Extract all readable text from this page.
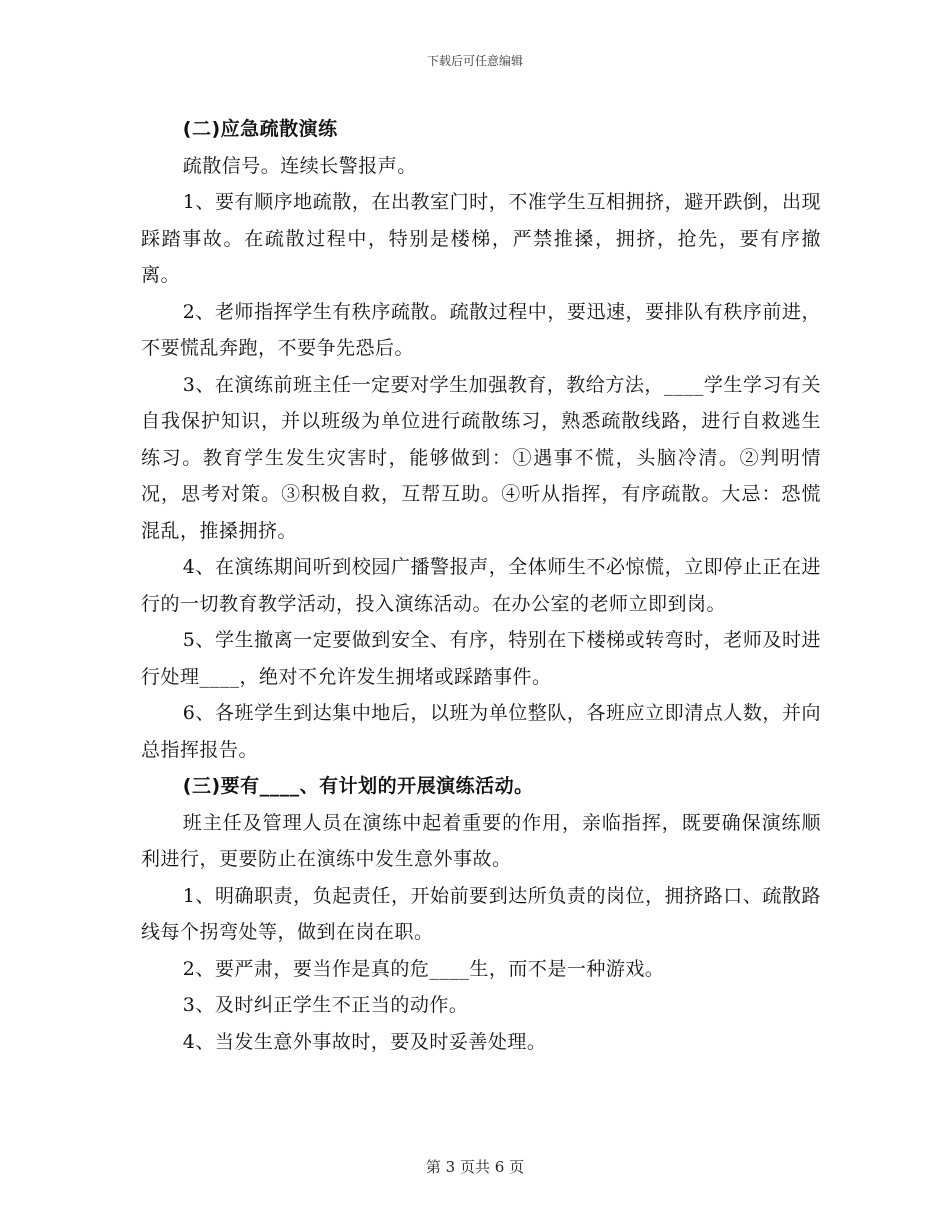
下载后可任意编辑

(二)应急疏散演练

疏散信号。连续长警报声。

1、要有顺序地疏散，在出教室门时，不准学生互相拥挤，避开跌倒，出现踩踏事故。在疏散过程中，特别是楼梯，严禁推搡，拥挤，抢先，要有序撤离。

2、老师指挥学生有秩序疏散。疏散过程中，要迅速，要排队有秩序前进，不要慌乱奔跑，不要争先恐后。

3、在演练前班主任一定要对学生加强教育，教给方法，____学生学习有关自我保护知识，并以班级为单位进行疏散练习，熟悉疏散线路，进行自救逃生练习。教育学生发生灾害时，能够做到：①遇事不慌，头脑冷清。②判明情况，思考对策。③积极自救，互帮互助。④听从指挥，有序疏散。大忌：恐慌混乱，推搡拥挤。

4、在演练期间听到校园广播警报声，全体师生不必惊慌，立即停止正在进行的一切教育教学活动，投入演练活动。在办公室的老师立即到岗。

5、学生撤离一定要做到安全、有序，特别在下楼梯或转弯时，老师及时进行处理____，绝对不允许发生拥堵或踩踏事件。

6、各班学生到达集中地后，以班为单位整队，各班应立即清点人数，并向总指挥报告。

(三)要有____、有计划的开展演练活动。

班主任及管理人员在演练中起着重要的作用，亲临指挥，既要确保演练顺利进行，更要防止在演练中发生意外事故。

1、明确职责，负起责任，开始前要到达所负责的岗位，拥挤路口、疏散路线每个拐弯处等，做到在岗在职。

2、要严肃，要当作是真的危____生，而不是一种游戏。

3、及时纠正学生不正当的动作。

4、当发生意外事故时，要及时妥善处理。

第 3 页共 6 页
